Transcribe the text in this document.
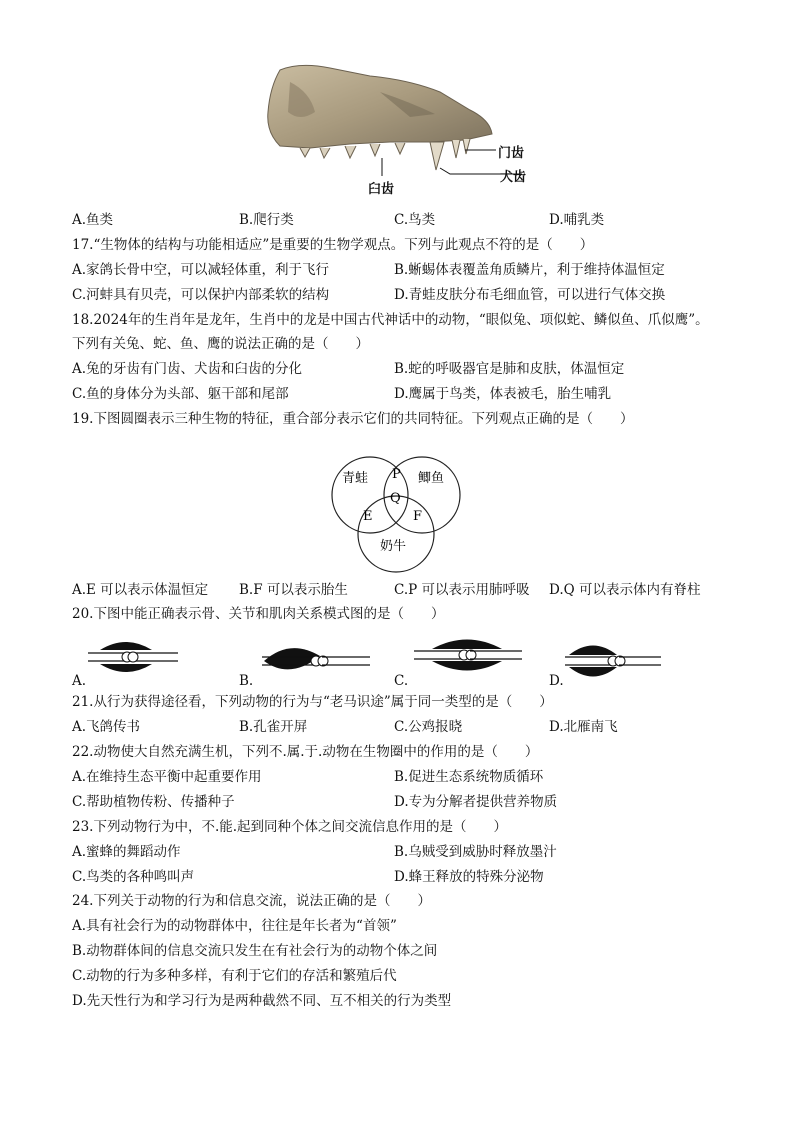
门齿
犬齿
臼齿
A.鱼类	B.爬行类	C.鸟类	D.哺乳类
17.“生物体的结构与功能相适应”是重要的生物学观点。下列与此观点不符的是（　　）
A.家鸽长骨中空，可以减轻体重，利于飞行	B.蜥蜴体表覆盖角质鳞片，利于维持体温恒定
C.河蚌具有贝壳，可以保护内部柔软的结构	D.青蛙皮肤分布毛细血管，可以进行气体交换
18.2024年的生肖年是龙年，生肖中的龙是中国古代神话中的动物，“眼似兔、项似蛇、鳞似鱼、爪似鹰”。
下列有关兔、蛇、鱼、鹰的说法正确的是（　　）
A.兔的牙齿有门齿、犬齿和臼齿的分化	B.蛇的呼吸器官是肺和皮肤，体温恒定
C.鱼的身体分为头部、躯干部和尾部	D.鹰属于鸟类，体表被毛，胎生哺乳
19.下图圆圈表示三种生物的特征，重合部分表示它们的共同特征。下列观点正确的是（　　）
青蛙	鲫鱼
奶牛
P
Q
E	F
A.E 可以表示体温恒定 B.F 可以表示胎生	C.P 可以表示用肺呼吸 D.Q 可以表示体内有脊柱
20.下图中能正确表示骨、关节和肌肉关系模式图的是（　　）
A.	B.	C.	D.
21.从行为获得途径看，下列动物的行为与“老马识途”属于同一类型的是（　　）
A.飞鸽传书	B.孔雀开屏	C.公鸡报晓	D.北雁南飞
22.动物使大自然充满生机，下列不.属.于.动物在生物圈中的作用的是（　　）
A.在维持生态平衡中起重要作用	B.促进生态系统物质循环
C.帮助植物传粉、传播种子	D.专为分解者提供营养物质
23.下列动物行为中，不.能.起到同种个体之间交流信息作用的是（　　）
A.蜜蜂的舞蹈动作	B.乌贼受到威胁时释放墨汁
C.鸟类的各种鸣叫声	D.蜂王释放的特殊分泌物
24.下列关于动物的行为和信息交流，说法正确的是（　　）
A.具有社会行为的动物群体中，往往是年长者为“首领”
B.动物群体间的信息交流只发生在有社会行为的动物个体之间
C.动物的行为多种多样，有利于它们的存活和繁殖后代
D.先天性行为和学习行为是两种截然不同、互不相关的行为类型
